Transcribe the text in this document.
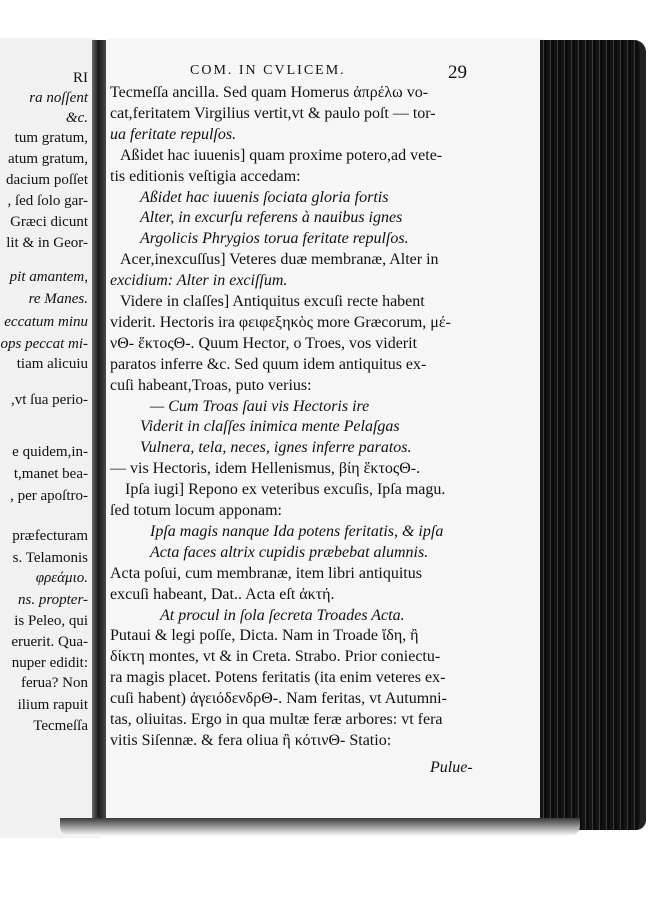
RI
ra noſſent
&c.
tum gratum,
atum gratum,
dacium poſſet
, ſed ſolo gar-
Græci dicunt
lit & in Geor-
pit amantem,
re Manes.
eccatum minu
ops peccat mi-
tiam alicuiu
,vt ſua perio-
e quidem,in-
t,manet bea-
, per apoſtro-
præfecturam
s. Telamonis
φρεάμιο.
ns. propter-
is Peleo, qui
eruerit. Qua-
nuper edidit:
ferua? Non
ilium rapuit
Tecmeſſa
COM. IN CVLICEM.	29
Tecmeſſa ancilla. Sed quam Homerus ἀπρέλω vo-
cat,feritatem Virgilius vertit,vt & paulo poſt — tor-
ua feritate repulſos.
Aßidet hac iuuenis] quam proxime potero,ad vete-
tis editionis veſtigia accedam:
Aßidet hac iuuenis ſociata gloria fortis
Alter, in excurſu referens à nauibus ignes
Argolicis Phrygios torua feritate repulſos.
Acer,inexcuſſus] Veteres duæ membranæ, Alter in
excidium: Alter in exciſſum.
Videre in claſſes] Antiquitus excuſi recte habent
viderit. Hectoris ira φειφεξηκὸς more Græcorum, μέ-
νΘ- ἕκτοςΘ-. Quum Hector, o Troes, vos viderit
paratos inferre &c. Sed quum idem antiquitus ex-
cuſi habeant,Troas, puto verius:
— Cum Troas ſaui vis Hectoris ire
Viderit in claſſes inimica mente Pelaſgas
Vulnera, tela, neces, ignes inferre paratos.
— vis Hectoris, idem Hellenismus, βίη ἕκτοςΘ-.
Ipſa iugi] Repono ex veteribus excuſis, Ipſa magu.
ſed totum locum apponam:
Ipſa magis nanque Ida potens feritatis, & ipſa
Acta faces altrix cupidis præbebat alumnis.
Acta poſui, cum membranæ, item libri antiquitus
excuſi habeant, Dat.. Acta eſt ἀκτή.
At procul in ſola ſecreta Troades Acta.
Putaui & legi poſſe, Dicta. Nam in Troade ἴδη, ἢ
δίκτη montes, vt & in Creta. Strabo. Prior coniectu-
ra magis placet. Potens feritatis (ita enim veteres ex-
cuſi habent) ἀγειόδενδρΘ-. Nam feritas, vt Autumni-
tas, oliuitas. Ergo in qua multæ feræ arbores: vt fera
vitis Siſennæ. & fera oliua ἢ κότινΘ- Statio:
Pulue-
